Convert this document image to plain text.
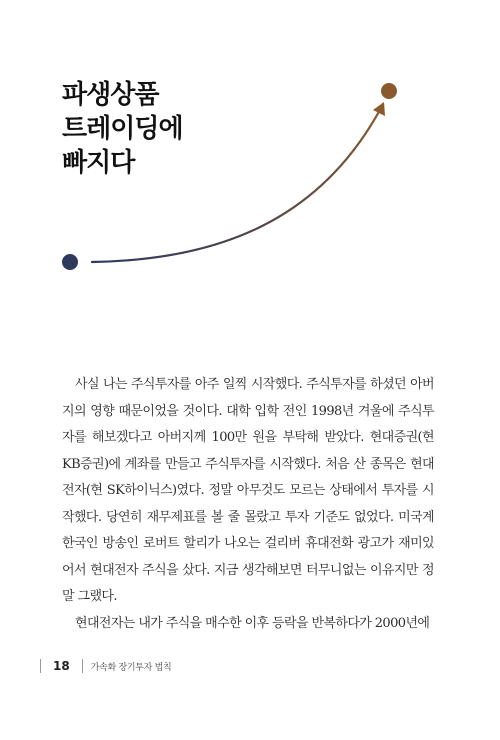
파생상품
트레이딩에
빠지다

사실 나는 주식투자를 아주 일찍 시작했다. 주식투자를 하셨던 아버지의 영향 때문이었을 것이다. 대학 입학 전인 1998년 겨울에 주식투자를 해보겠다고 아버지께 100만 원을 부탁해 받았다. 현대증권(현 KB증권)에 계좌를 만들고 주식투자를 시작했다. 처음 산 종목은 현대전자(현 SK하이닉스)였다. 정말 아무것도 모르는 상태에서 투자를 시작했다. 당연히 재무제표를 볼 줄 몰랐고 투자 기준도 없었다. 미국계 한국인 방송인 로버트 할리가 나오는 걸리버 휴대전화 광고가 재미있어서 현대전자 주식을 샀다. 지금 생각해보면 터무니없는 이유지만 정말 그랬다.

현대전자는 내가 주식을 매수한 이후 등락을 반복하다가 2000년에

18 가속화 장기투자 법칙
